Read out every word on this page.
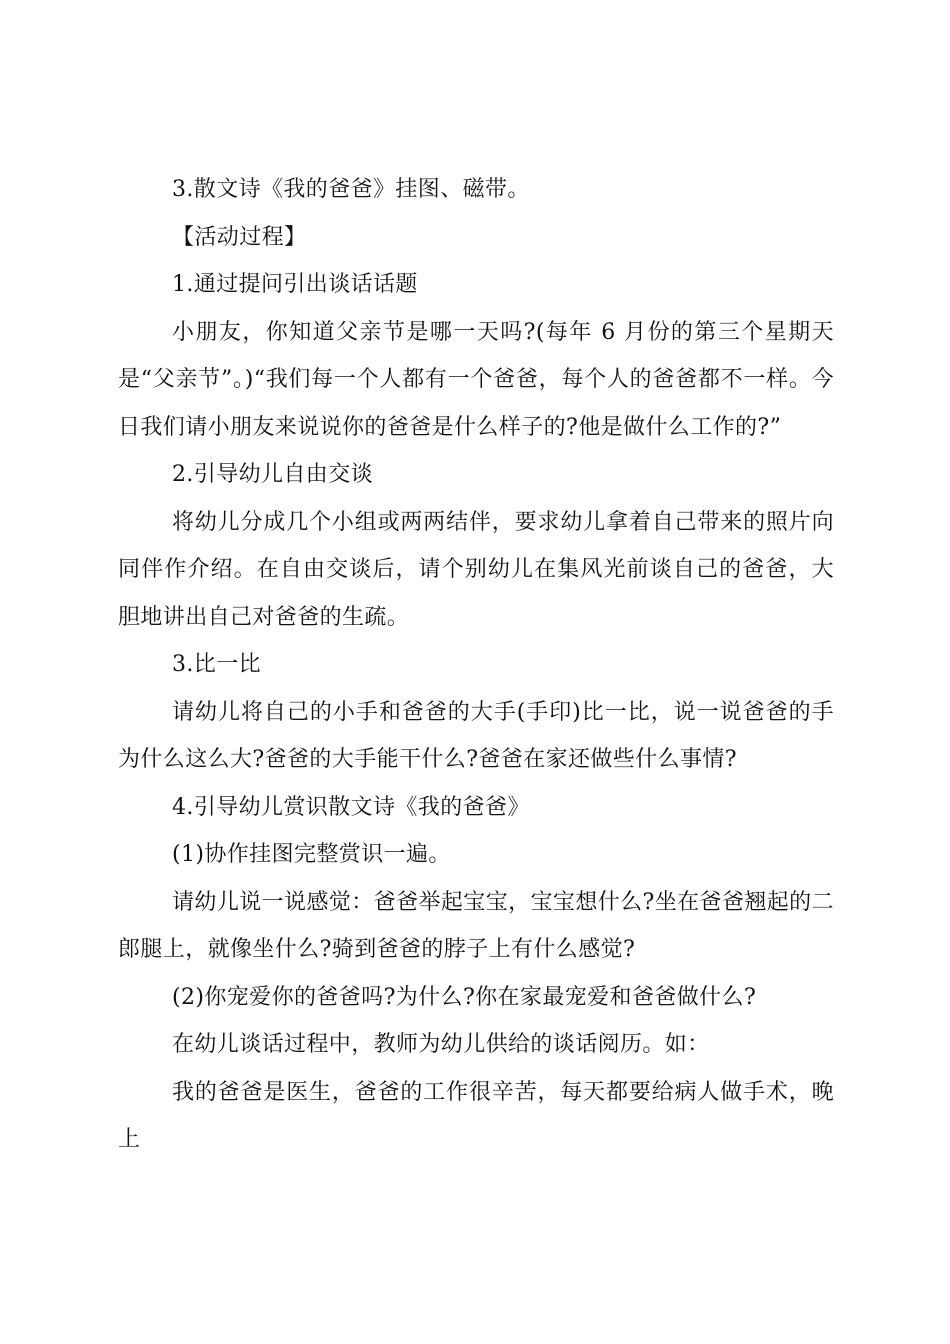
3.散文诗《我的爸爸》挂图、磁带。

【活动过程】

1.通过提问引出谈话话题

小朋友，你知道父亲节是哪一天吗?(每年 6 月份的第三个星期天是“父亲节”。)“我们每一个人都有一个爸爸，每个人的爸爸都不一样。今日我们请小朋友来说说你的爸爸是什么样子的?他是做什么工作的?”

2.引导幼儿自由交谈

将幼儿分成几个小组或两两结伴，要求幼儿拿着自己带来的照片向同伴作介绍。在自由交谈后，请个别幼儿在集风光前谈自己的爸爸，大胆地讲出自己对爸爸的生疏。

3.比一比

请幼儿将自己的小手和爸爸的大手(手印)比一比，说一说爸爸的手为什么这么大?爸爸的大手能干什么?爸爸在家还做些什么事情?

4.引导幼儿赏识散文诗《我的爸爸》

(1)协作挂图完整赏识一遍。

请幼儿说一说感觉：爸爸举起宝宝，宝宝想什么?坐在爸爸翘起的二郎腿上，就像坐什么?骑到爸爸的脖子上有什么感觉?

(2)你宠爱你的爸爸吗?为什么?你在家最宠爱和爸爸做什么?

在幼儿谈话过程中，教师为幼儿供给的谈话阅历。如：

我的爸爸是医生，爸爸的工作很辛苦，每天都要给病人做手术，晚上
